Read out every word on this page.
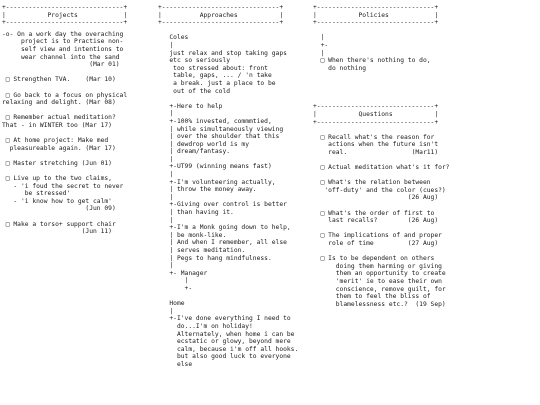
+-------------------------------+
|           Projects            |
+-------------------------------+
-o- On a work day the overaching
project is to Practise non-
self view and intentions to
wear channel into the sand
(Mar 01)
□ Strengthen TVA.    (Mar 10)
□ Go back to a focus on physical
relaxing and delight. (Mar 08)
□ Remember actual meditation?
That - in WINTER too (Mar 17)
□ At home project: Make med
pleasureable again. (Mar 17)
□ Master stretching (Jun 01)
□ Live up to the two claims,
- 'i foud the secret to never
be stressed'
- 'i know how to get calm'
(Jun 09)
□ Make a torso+ support chair
(Jun 11)
+-------------------------------+
|          Approaches           |
+-------------------------------+
Coles
|
just relax and stop taking gaps
etc so seriously
too stressed about: front
table, gaps, ... / 'n take
a break. just a place to be
out of the cold
+-Here to help
|
+-100% invested, commmtied,
| while simultaneously viewing
| over the shoulder that this
| dewdrop world is my
| dream/fantasy.
|
+-UT99 (winning means fast)
|
+-I'm volunteering actually,
| throw the money away.
|
+-Giving over control is better
| than having it.
|
+-I'm a Monk going down to help,
| be monk-like.
| And when I remember, all else
| serves meditation.
| Pegs to hang mindfulness.
|
+- Manager
|
+-
Home
|
+-I've done everything I need to
do...I'm on holiday!
Alternately, when home i can be
ecstatic or glowy, beyond mere
calm, because i'm off all hooks.
but also good luck to everyone
else
+-------------------------------+
|           Policies            |
+-------------------------------+
|
+-
|
□ When there's nothing to do,
do nothing
+-------------------------------+
|           Questions           |
+-------------------------------+
□ Recall what's the reason for
actions when the future isn't
real.                 (Mar11)
□ Actual meditation what's it for?
□ What's the relation between
'off-duty' and the color (cues?)
(26 Aug)
□ What's the order of first to
last recalls?        (26 Aug)
□ The implications of and proper
role of time         (27 Aug)
□ Is to be dependent on others
doing them harming or giving
them an opportunity to create
'merit' ie to ease their own
conscience, remove guilt, for
them to feel the bliss of
blamelessness etc.?  (19 Sep)
